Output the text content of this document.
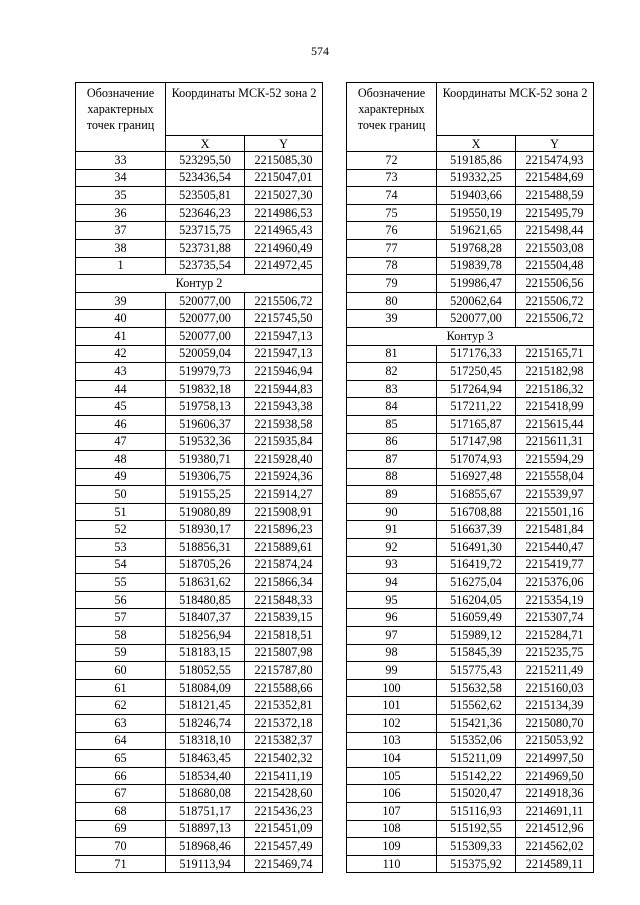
574
Обозначение характерных точек границ	Координаты МСК-52 зона 2	
	X	Y
33	523295,50	2215085,30
34	523436,54	2215047,01
35	523505,81	2215027,30
36	523646,23	2214986,53
37	523715,75	2214965,43
38	523731,88	2214960,49
1	523735,54	2214972,45
Контур 2		
39	520077,00	2215506,72
40	520077,00	2215745,50
41	520077,00	2215947,13
42	520059,04	2215947,13
43	519979,73	2215946,94
44	519832,18	2215944,83
45	519758,13	2215943,38
46	519606,37	2215938,58
47	519532,36	2215935,84
48	519380,71	2215928,40
49	519306,75	2215924,36
50	519155,25	2215914,27
51	519080,89	2215908,91
52	518930,17	2215896,23
53	518856,31	2215889,61
54	518705,26	2215874,24
55	518631,62	2215866,34
56	518480,85	2215848,33
57	518407,37	2215839,15
58	518256,94	2215818,51
59	518183,15	2215807,98
60	518052,55	2215787,80
61	518084,09	2215588,66
62	518121,45	2215352,81
63	518246,74	2215372,18
64	518318,10	2215382,37
65	518463,45	2215402,32
66	518534,40	2215411,19
67	518680,08	2215428,60
68	518751,17	2215436,23
69	518897,13	2215451,09
70	518968,46	2215457,49
71	519113,94	2215469,74
Обозначение характерных точек границ	Координаты МСК-52 зона 2	
	X	Y
72	519185,86	2215474,93
73	519332,25	2215484,69
74	519403,66	2215488,59
75	519550,19	2215495,79
76	519621,65	2215498,44
77	519768,28	2215503,08
78	519839,78	2215504,48
79	519986,47	2215506,56
80	520062,64	2215506,72
39	520077,00	2215506,72
Контур 3		
81	517176,33	2215165,71
82	517250,45	2215182,98
83	517264,94	2215186,32
84	517211,22	2215418,99
85	517165,87	2215615,44
86	517147,98	2215611,31
87	517074,93	2215594,29
88	516927,48	2215558,04
89	516855,67	2215539,97
90	516708,88	2215501,16
91	516637,39	2215481,84
92	516491,30	2215440,47
93	516419,72	2215419,77
94	516275,04	2215376,06
95	516204,05	2215354,19
96	516059,49	2215307,74
97	515989,12	2215284,71
98	515845,39	2215235,75
99	515775,43	2215211,49
100	515632,58	2215160,03
101	515562,62	2215134,39
102	515421,36	2215080,70
103	515352,06	2215053,92
104	515211,09	2214997,50
105	515142,22	2214969,50
106	515020,47	2214918,36
107	515116,93	2214691,11
108	515192,55	2214512,96
109	515309,33	2214562,02
110	515375,92	2214589,11
